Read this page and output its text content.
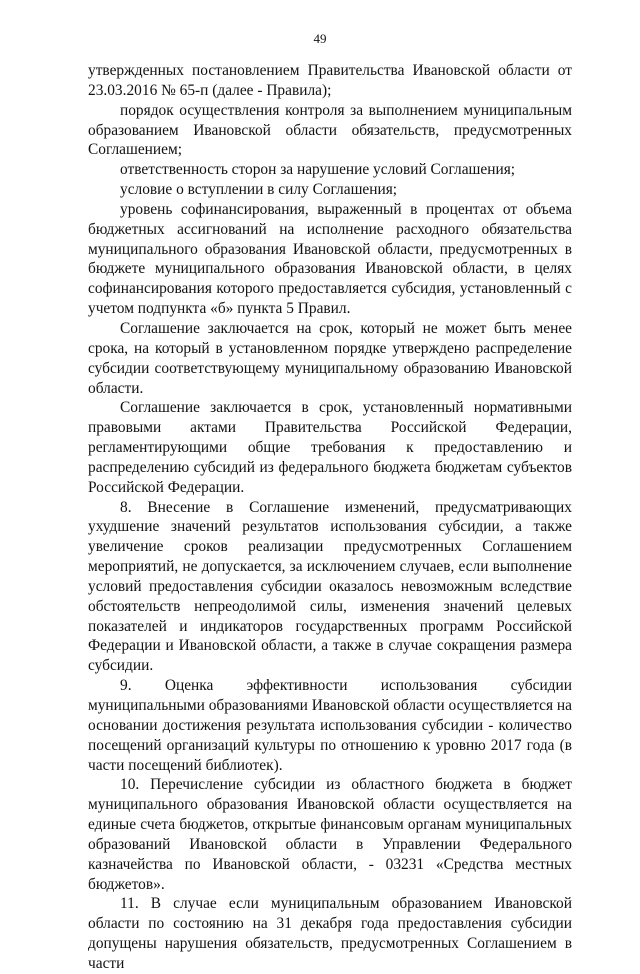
49

утвержденных постановлением Правительства Ивановской области от 23.03.2016 № 65-п (далее - Правила);

порядок осуществления контроля за выполнением муниципальным образованием Ивановской области обязательств, предусмотренных Соглашением;

ответственность сторон за нарушение условий Соглашения;

условие о вступлении в силу Соглашения;

уровень софинансирования, выраженный в процентах от объема бюджетных ассигнований на исполнение расходного обязательства муниципального образования Ивановской области, предусмотренных в бюджете муниципального образования Ивановской области, в целях софинансирования которого предоставляется субсидия, установленный с учетом подпункта «б» пункта 5 Правил.

Соглашение заключается на срок, который не может быть менее срока, на который в установленном порядке утверждено распределение субсидии соответствующему муниципальному образованию Ивановской области.

Соглашение заключается в срок, установленный нормативными правовыми актами Правительства Российской Федерации, регламентирующими общие требования к предоставлению и распределению субсидий из федерального бюджета бюджетам субъектов Российской Федерации.

8. Внесение в Соглашение изменений, предусматривающих ухудшение значений результатов использования субсидии, а также увеличение сроков реализации предусмотренных Соглашением мероприятий, не допускается, за исключением случаев, если выполнение условий предоставления субсидии оказалось невозможным вследствие обстоятельств непреодолимой силы, изменения значений целевых показателей и индикаторов государственных программ Российской Федерации и Ивановской области, а также в случае сокращения размера субсидии.

9. Оценка эффективности использования субсидии муниципальными образованиями Ивановской области осуществляется на основании достижения результата использования субсидии - количество посещений организаций культуры по отношению к уровню 2017 года (в части посещений библиотек).

10. Перечисление субсидии из областного бюджета в бюджет муниципального образования Ивановской области осуществляется на единые счета бюджетов, открытые финансовым органам муниципальных образований Ивановской области в Управлении Федерального казначейства по Ивановской области, - 03231 «Средства местных бюджетов».

11. В случае если муниципальным образованием Ивановской области по состоянию на 31 декабря года предоставления субсидии допущены нарушения обязательств, предусмотренных Соглашением в части
